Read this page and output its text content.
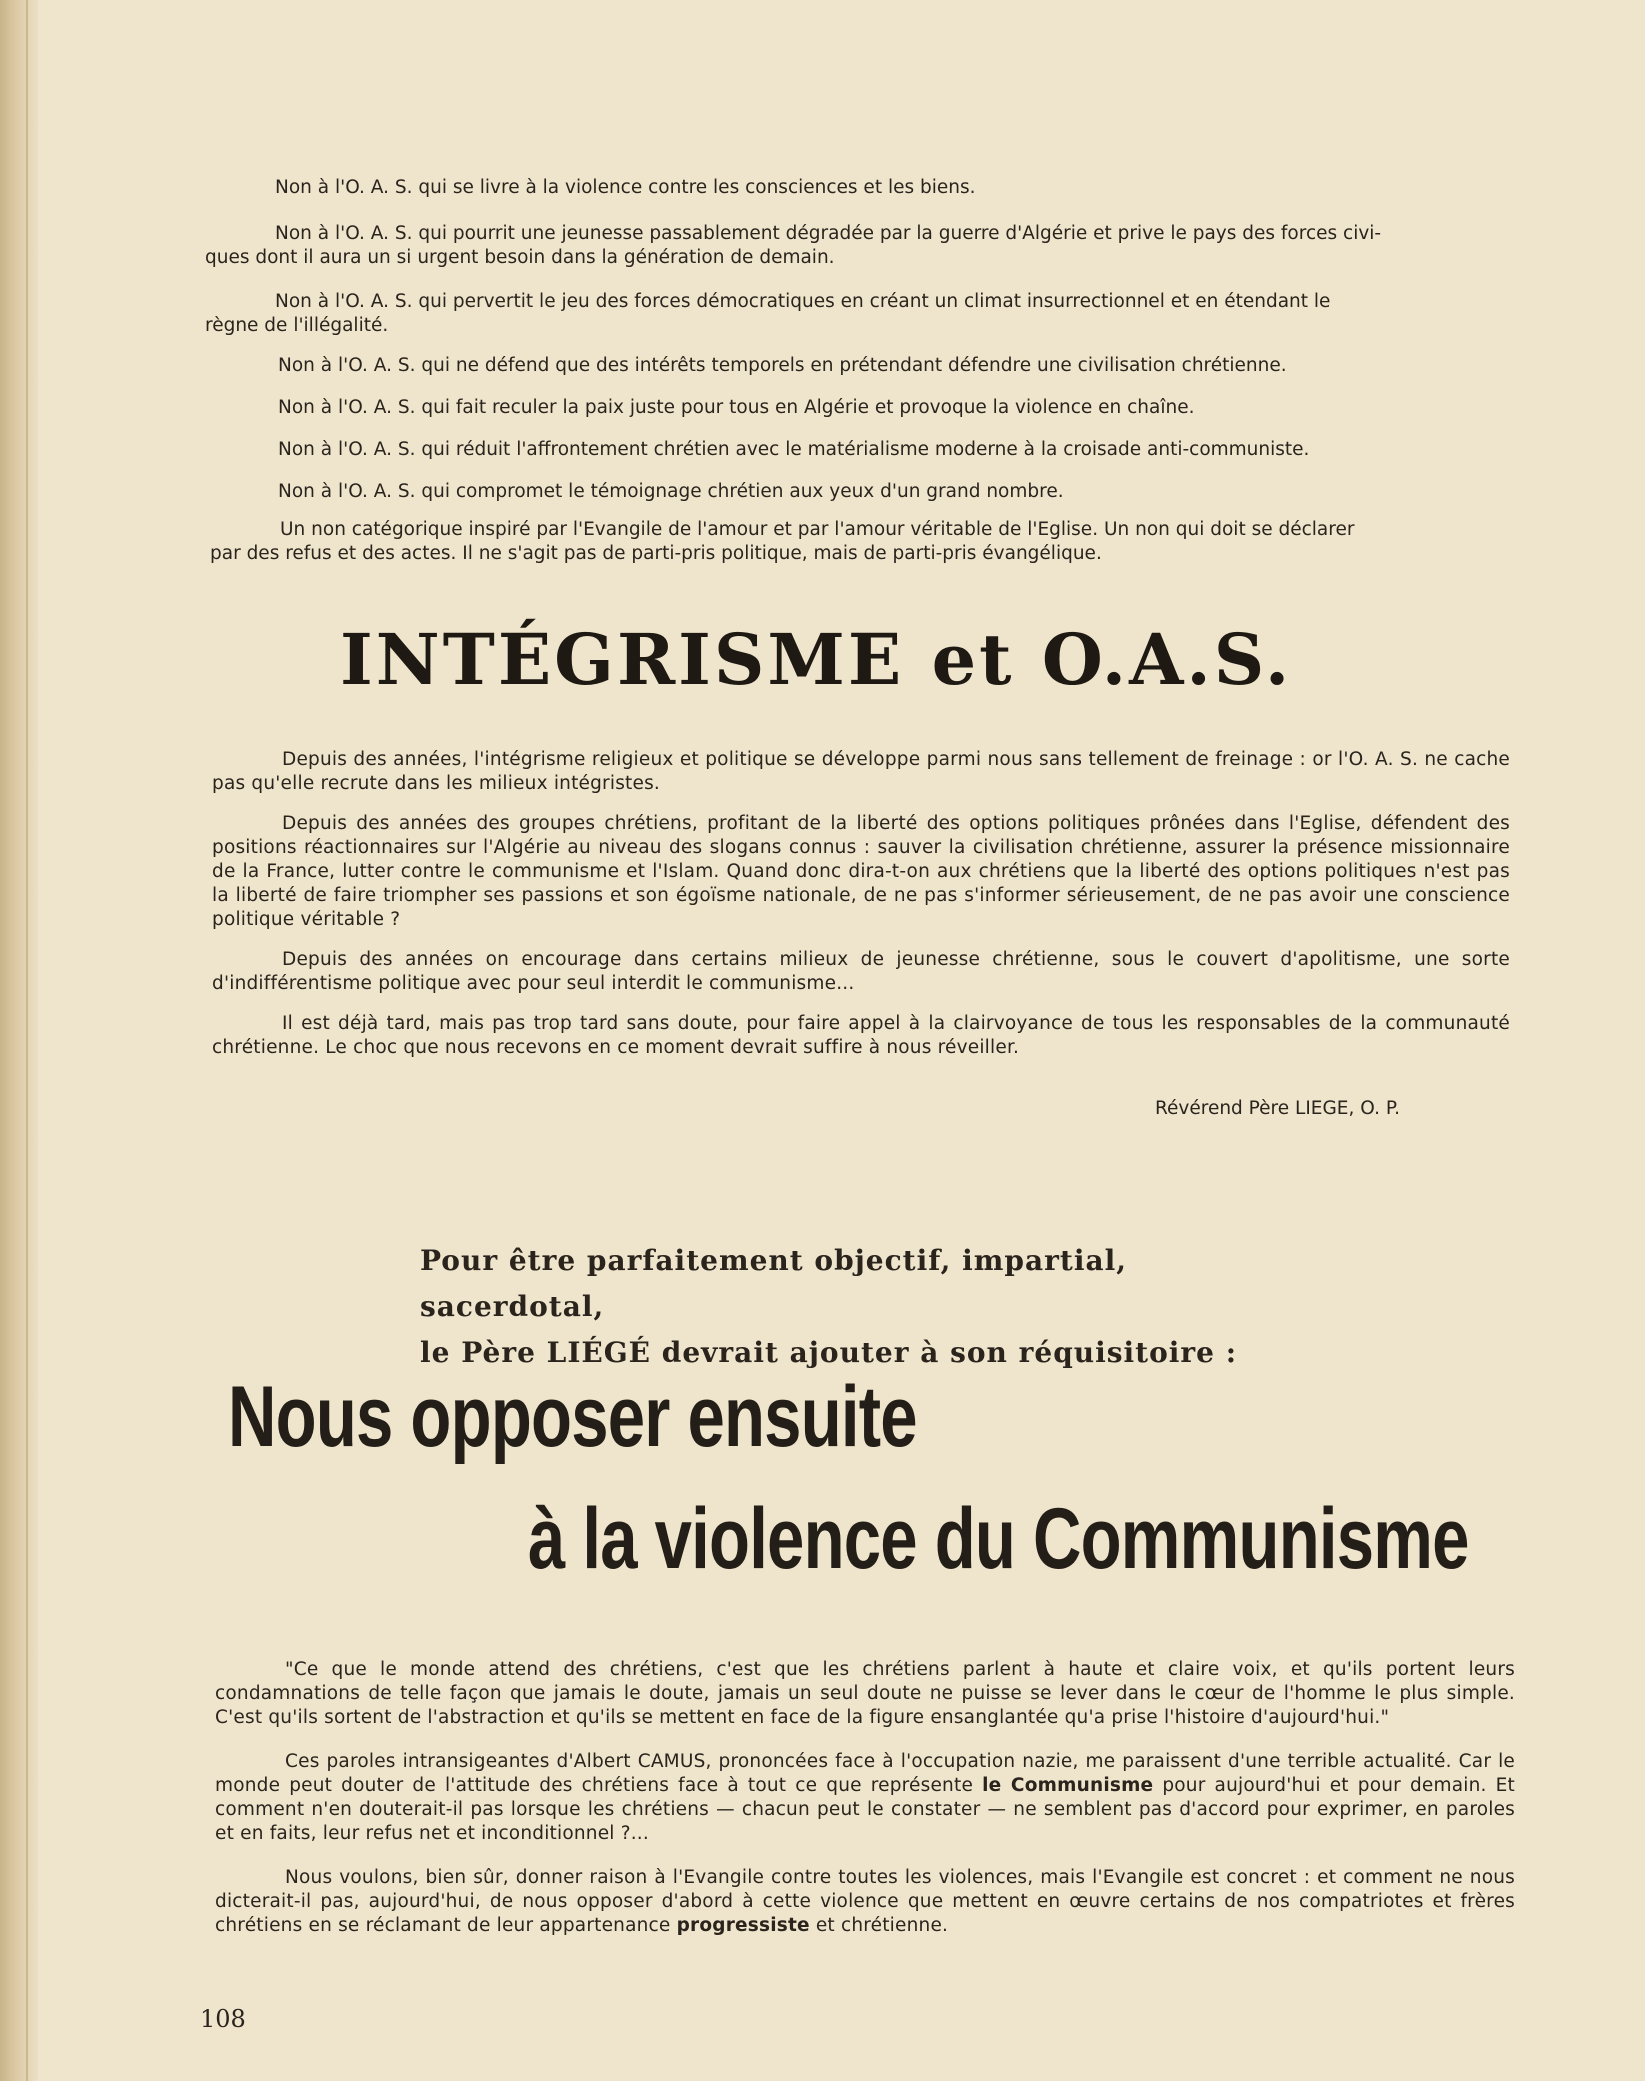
Non à l'O. A. S. qui se livre à la violence contre les consciences et les biens.
Non à l'O. A. S. qui pourrit une jeunesse passablement dégradée par la guerre d'Algérie et prive le pays des forces civi-
ques dont il aura un si urgent besoin dans la génération de demain.
Non à l'O. A. S. qui pervertit le jeu des forces démocratiques en créant un climat insurrectionnel et en étendant le
règne de l'illégalité.
Non à l'O. A. S. qui ne défend que des intérêts temporels en prétendant défendre une civilisation chrétienne.
Non à l'O. A. S. qui fait reculer la paix juste pour tous en Algérie et provoque la violence en chaîne.
Non à l'O. A. S. qui réduit l'affrontement chrétien avec le matérialisme moderne à la croisade anti-communiste.
Non à l'O. A. S. qui compromet le témoignage chrétien aux yeux d'un grand nombre.
Un non catégorique inspiré par l'Evangile de l'amour et par l'amour véritable de l'Eglise. Un non qui doit se déclarer
par des refus et des actes. Il ne s'agit pas de parti-pris politique, mais de parti-pris évangélique.
INTÉGRISME et O.A.S.

Depuis des années, l'intégrisme religieux et politique se développe parmi nous sans tellement de freinage : or l'O. A. S. ne cache pas qu'elle recrute dans les milieux intégristes.

Depuis des années des groupes chrétiens, profitant de la liberté des options politiques prônées dans l'Eglise, défendent des positions réactionnaires sur l'Algérie au niveau des slogans connus : sauver la civilisation chrétienne, assurer la présence missionnaire de la France, lutter contre le communisme et l'Islam. Quand donc dira-t-on aux chrétiens que la liberté des options politiques n'est pas la liberté de faire triompher ses passions et son égoïsme nationale, de ne pas s'informer sérieusement, de ne pas avoir une conscience politique véritable ?

Depuis des années on encourage dans certains milieux de jeunesse chrétienne, sous le couvert d'apolitisme, une sorte d'indifférentisme politique avec pour seul interdit le communisme...

Il est déjà tard, mais pas trop tard sans doute, pour faire appel à la clairvoyance de tous les responsables de la communauté chrétienne. Le choc que nous recevons en ce moment devrait suffire à nous réveiller.

Révérend Père LIEGE, O. P.
Pour être parfaitement objectif, impartial, sacerdotal,
le Père LIÉGÉ devrait ajouter à son réquisitoire :
Nous opposer ensuite
à la violence du Communisme

"Ce que le monde attend des chrétiens, c'est que les chrétiens parlent à haute et claire voix, et qu'ils portent leurs condamnations de telle façon que jamais le doute, jamais un seul doute ne puisse se lever dans le cœur de l'homme le plus simple. C'est qu'ils sortent de l'abstraction et qu'ils se mettent en face de la figure ensanglantée qu'a prise l'histoire d'aujourd'hui."

Ces paroles intransigeantes d'Albert CAMUS, prononcées face à l'occupation nazie, me paraissent d'une terrible actualité. Car le monde peut douter de l'attitude des chrétiens face à tout ce que représente le Communisme pour aujourd'hui et pour demain. Et comment n'en douterait-il pas lorsque les chrétiens — chacun peut le constater — ne semblent pas d'accord pour exprimer, en paroles et en faits, leur refus net et inconditionnel ?...

Nous voulons, bien sûr, donner raison à l'Evangile contre toutes les violences, mais l'Evangile est concret : et comment ne nous dicterait-il pas, aujourd'hui, de nous opposer d'abord à cette violence que mettent en œuvre certains de nos compatriotes et frères chrétiens en se réclamant de leur appartenance progressiste et chrétienne.

108
